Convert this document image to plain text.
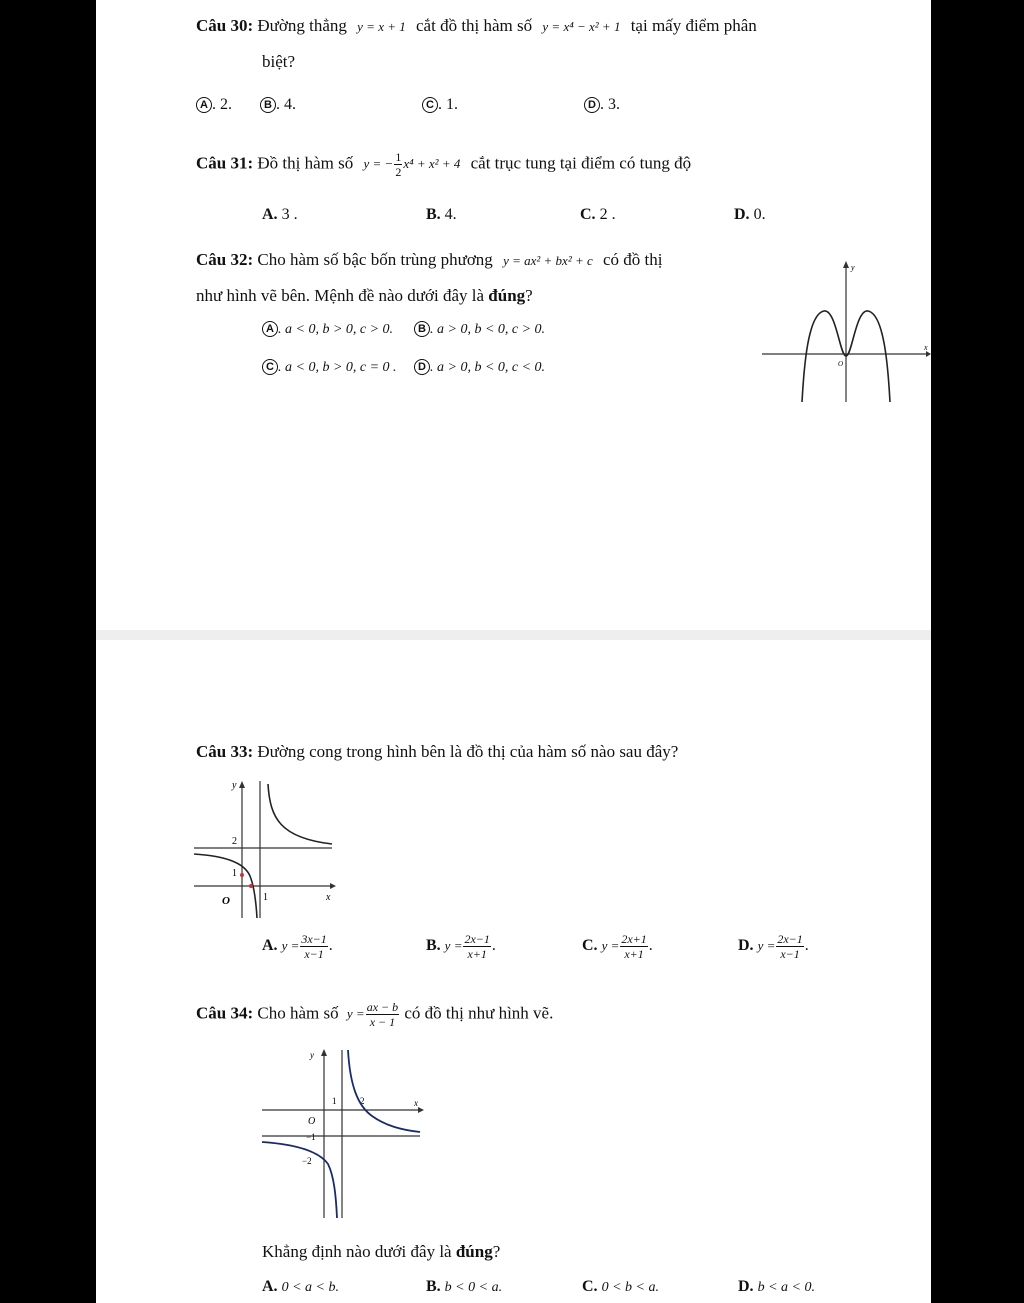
Câu 30: Đường thẳng y = x + 1 cắt đồ thị hàm số y = x⁴ − x² + 1 tại mấy điểm phân
biệt?
A . 2.	B . 4.	C . 1.	D . 3.
Câu 31: Đồ thị hàm số y = − $\frac{1}{2} x^4 + x^2 + 4$ cắt trục tung tại điểm có tung độ
A. 3 .	B. 4.	C. 2 .	D. 0.
Câu 32: Cho hàm số bậc bốn trùng phương y = ax² + bx² + c có đồ thị
như hình vẽ bên. Mệnh đề nào dưới đây là đúng?
A . a < 0, b > 0, c > 0.	B . a > 0, b < 0, c > 0.
C . a < 0, b > 0, c = 0 .	D . a > 0, b < 0, c < 0.
y
x
O
Câu 33: Đường cong trong hình bên là đồ thị của hàm số nào sau đây?
y
x
O
2
1
1
A. $y = \frac{3x-1}{x-1}$ .	B. $y = \frac{2x-1}{x+1}$ .	C. $y = \frac{2x+1}{x+1}$ .	D. $y = \frac{2x-1}{x-1}$ .
Câu 34: Cho hàm số $y = \frac{ax - b}{x - 1}$ có đồ thị như hình vẽ.
y
x
O
1	2
−1
−2
Khẳng định nào dưới đây là đúng?
A. 0 < a < b.	B. b < 0 < a.	C. 0 < b < a.	D. b < a < 0.
